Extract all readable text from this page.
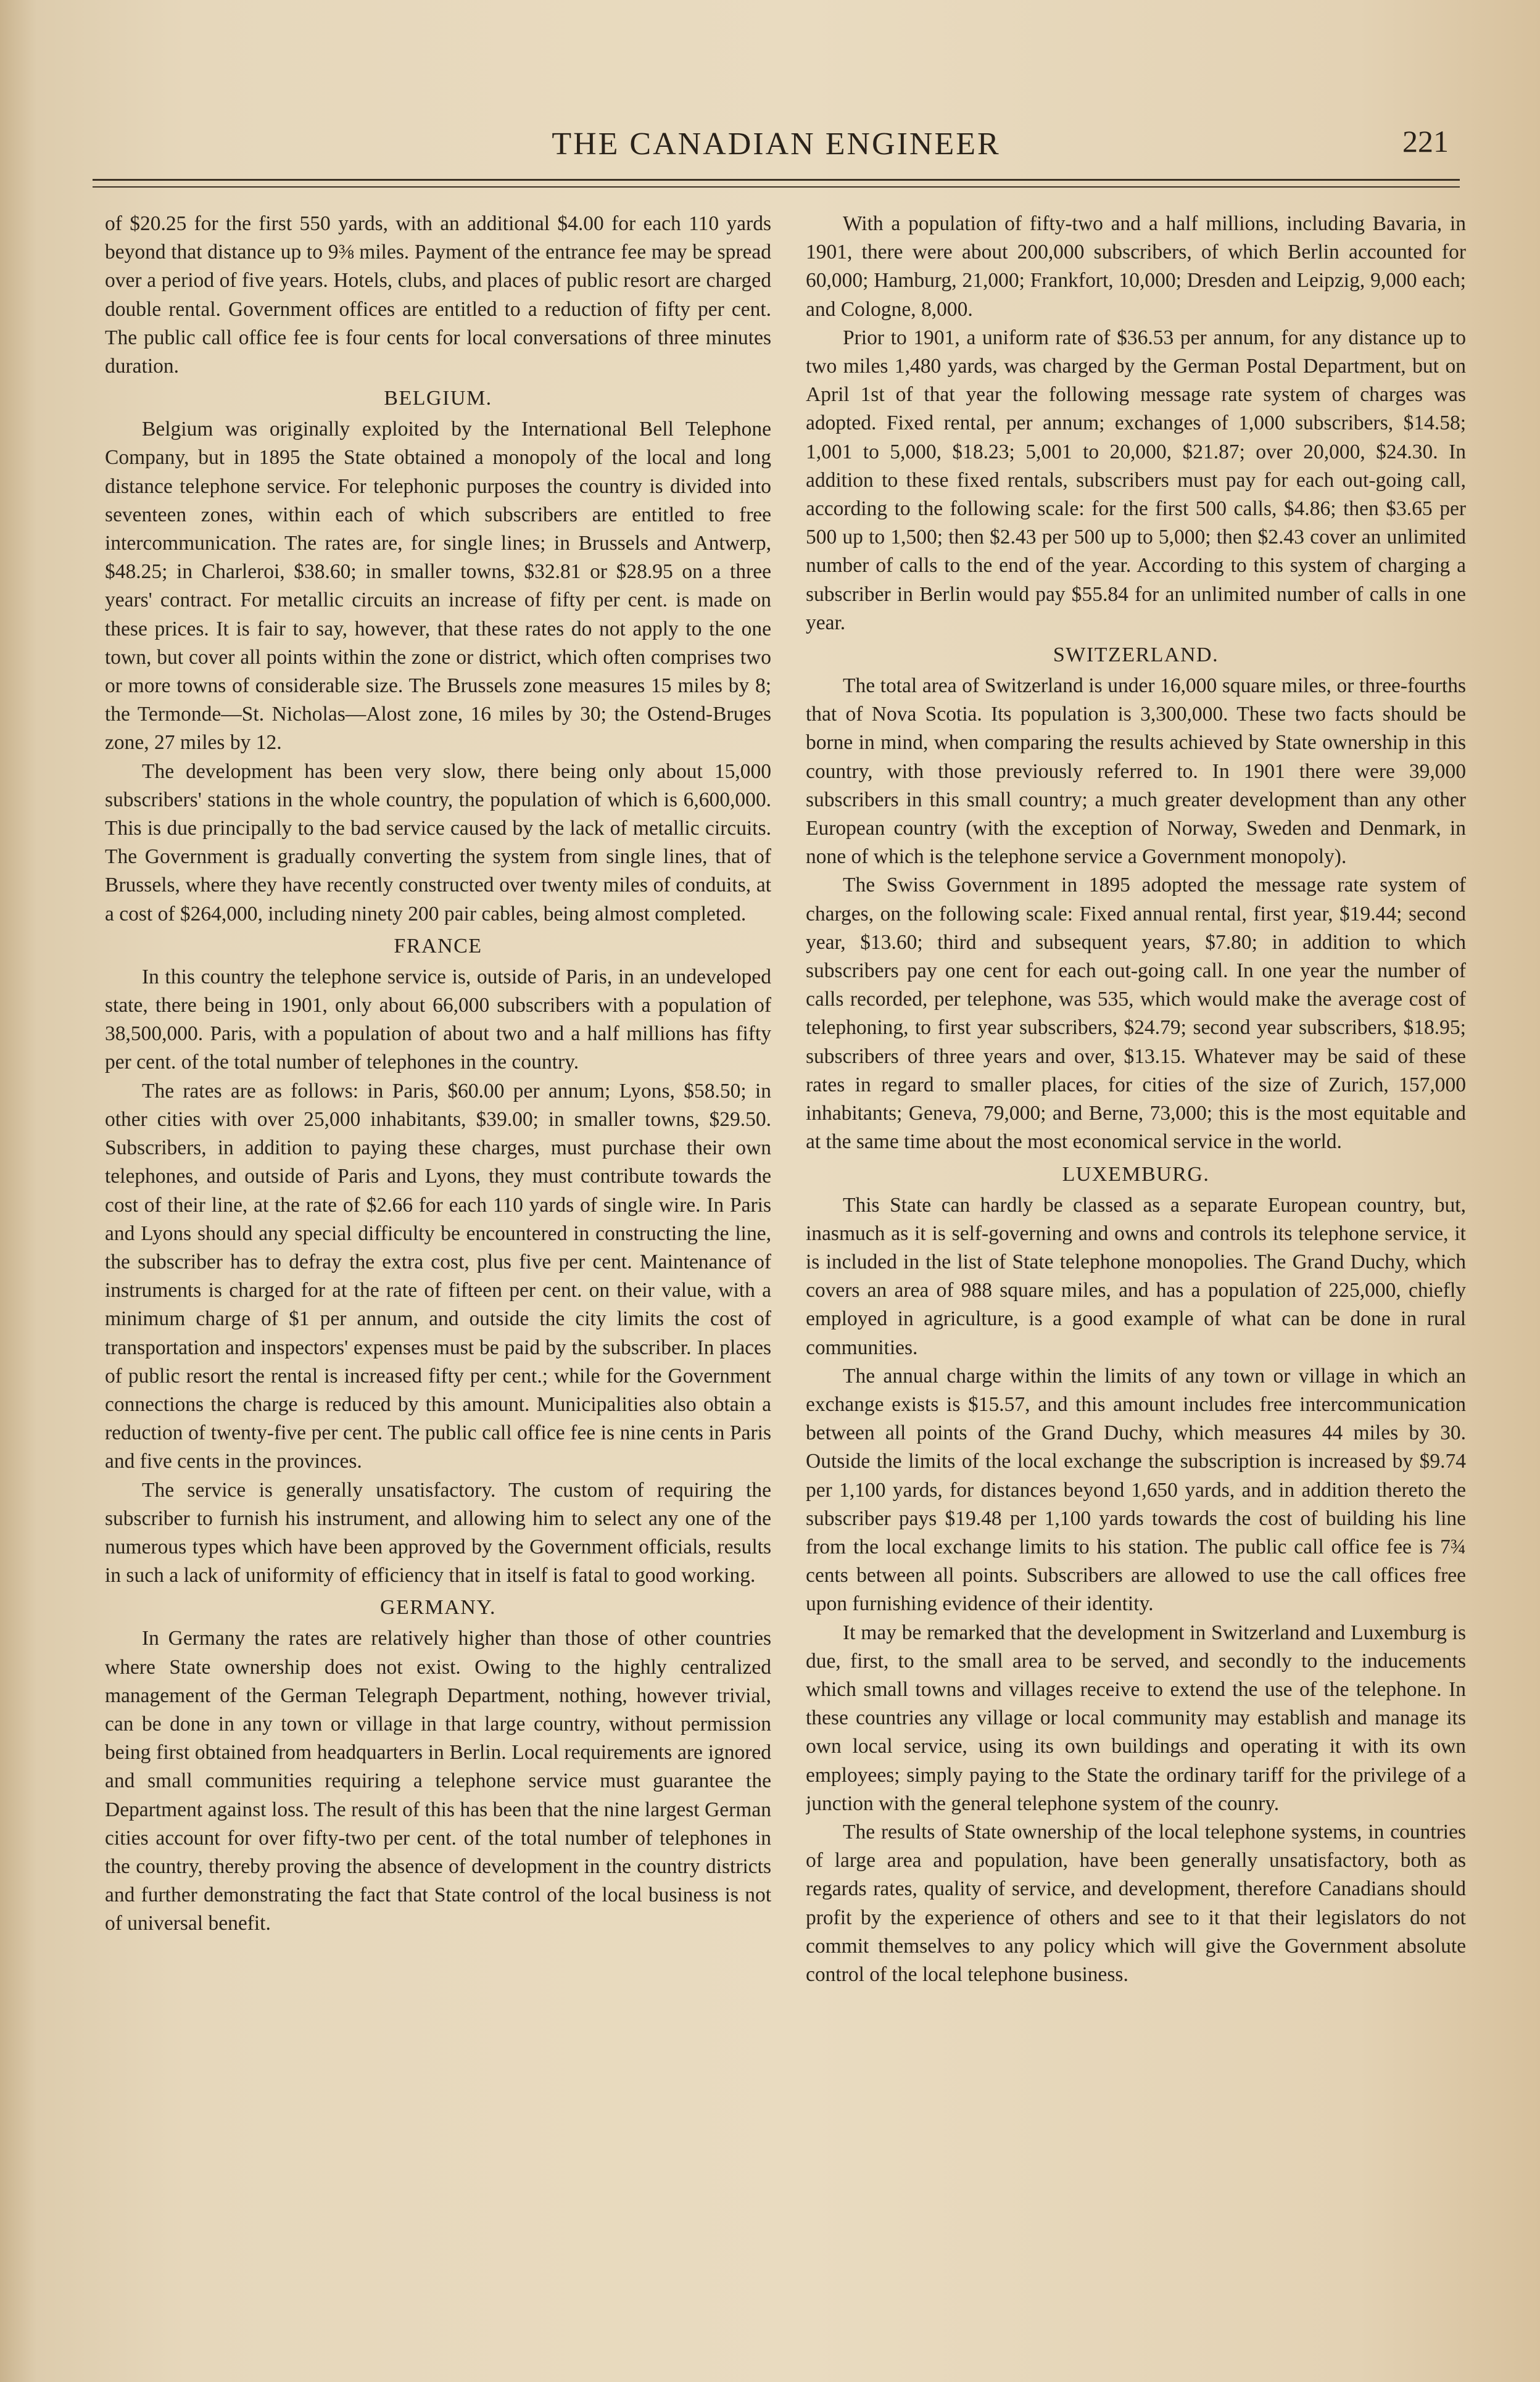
THE CANADIAN ENGINEER	221

of $20.25 for the first 550 yards, with an additional $4.00 for each 110 yards beyond that distance up to 9⅜ miles. Payment of the entrance fee may be spread over a period of five years. Hotels, clubs, and places of public resort are charged double rental. Government offices are entitled to a reduction of fifty per cent. The public call office fee is four cents for local conversations of three minutes duration.

BELGIUM.

Belgium was originally exploited by the International Bell Telephone Company, but in 1895 the State obtained a monopoly of the local and long distance telephone service. For telephonic purposes the country is divided into seventeen zones, within each of which subscribers are entitled to free intercommunication. The rates are, for single lines; in Brussels and Antwerp, $48.25; in Charleroi, $38.60; in smaller towns, $32.81 or $28.95 on a three years' contract. For metallic circuits an increase of fifty per cent. is made on these prices. It is fair to say, however, that these rates do not apply to the one town, but cover all points within the zone or district, which often comprises two or more towns of considerable size. The Brussels zone measures 15 miles by 8; the Termonde—St. Nicholas—Alost zone, 16 miles by 30; the Ostend-Bruges zone, 27 miles by 12.

The development has been very slow, there being only about 15,000 subscribers' stations in the whole country, the population of which is 6,600,000. This is due principally to the bad service caused by the lack of metallic circuits. The Government is gradually converting the system from single lines, that of Brussels, where they have recently constructed over twenty miles of conduits, at a cost of $264,000, including ninety 200 pair cables, being almost completed.

FRANCE

In this country the telephone service is, outside of Paris, in an undeveloped state, there being in 1901, only about 66,000 subscribers with a population of 38,500,000. Paris, with a population of about two and a half millions has fifty per cent. of the total number of telephones in the country.

The rates are as follows: in Paris, $60.00 per annum; Lyons, $58.50; in other cities with over 25,000 inhabitants, $39.00; in smaller towns, $29.50. Subscribers, in addition to paying these charges, must purchase their own telephones, and outside of Paris and Lyons, they must contribute towards the cost of their line, at the rate of $2.66 for each 110 yards of single wire. In Paris and Lyons should any special difficulty be encountered in constructing the line, the subscriber has to defray the extra cost, plus five per cent. Maintenance of instruments is charged for at the rate of fifteen per cent. on their value, with a minimum charge of $1 per annum, and outside the city limits the cost of transportation and inspectors' expenses must be paid by the subscriber. In places of public resort the rental is increased fifty per cent.; while for the Government connections the charge is reduced by this amount. Municipalities also obtain a reduction of twenty-five per cent. The public call office fee is nine cents in Paris and five cents in the provinces.

The service is generally unsatisfactory. The custom of requiring the subscriber to furnish his instrument, and allowing him to select any one of the numerous types which have been approved by the Government officials, results in such a lack of uniformity of efficiency that in itself is fatal to good working.

GERMANY.

In Germany the rates are relatively higher than those of other countries where State ownership does not exist. Owing to the highly centralized management of the German Telegraph Department, nothing, however trivial, can be done in any town or village in that large country, without permission being first obtained from headquarters in Berlin. Local requirements are ignored and small communities requiring a telephone service must guarantee the Department against loss. The result of this has been that the nine largest German cities account for over fifty-two per cent. of the total number of telephones in the country, thereby proving the absence of development in the country districts and further demonstrating the fact that State control of the local business is not of universal benefit.

With a population of fifty-two and a half millions, including Bavaria, in 1901, there were about 200,000 subscribers, of which Berlin accounted for 60,000; Hamburg, 21,000; Frankfort, 10,000; Dresden and Leipzig, 9,000 each; and Cologne, 8,000.

Prior to 1901, a uniform rate of $36.53 per annum, for any distance up to two miles 1,480 yards, was charged by the German Postal Department, but on April 1st of that year the following message rate system of charges was adopted. Fixed rental, per annum; exchanges of 1,000 subscribers, $14.58; 1,001 to 5,000, $18.23; 5,001 to 20,000, $21.87; over 20,000, $24.30. In addition to these fixed rentals, subscribers must pay for each out-going call, according to the following scale: for the first 500 calls, $4.86; then $3.65 per 500 up to 1,500; then $2.43 per 500 up to 5,000; then $2.43 cover an unlimited number of calls to the end of the year. According to this system of charging a subscriber in Berlin would pay $55.84 for an unlimited number of calls in one year.

SWITZERLAND.

The total area of Switzerland is under 16,000 square miles, or three-fourths that of Nova Scotia. Its population is 3,300,000. These two facts should be borne in mind, when comparing the results achieved by State ownership in this country, with those previously referred to. In 1901 there were 39,000 subscribers in this small country; a much greater development than any other European country (with the exception of Norway, Sweden and Denmark, in none of which is the telephone service a Government monopoly).

The Swiss Government in 1895 adopted the message rate system of charges, on the following scale: Fixed annual rental, first year, $19.44; second year, $13.60; third and subsequent years, $7.80; in addition to which subscribers pay one cent for each out-going call. In one year the number of calls recorded, per telephone, was 535, which would make the average cost of telephoning, to first year subscribers, $24.79; second year subscribers, $18.95; subscribers of three years and over, $13.15. Whatever may be said of these rates in regard to smaller places, for cities of the size of Zurich, 157,000 inhabitants; Geneva, 79,000; and Berne, 73,000; this is the most equitable and at the same time about the most economical service in the world.

LUXEMBURG.

This State can hardly be classed as a separate European country, but, inasmuch as it is self-governing and owns and controls its telephone service, it is included in the list of State telephone monopolies. The Grand Duchy, which covers an area of 988 square miles, and has a population of 225,000, chiefly employed in agriculture, is a good example of what can be done in rural communities.

The annual charge within the limits of any town or village in which an exchange exists is $15.57, and this amount includes free intercommunication between all points of the Grand Duchy, which measures 44 miles by 30. Outside the limits of the local exchange the subscription is increased by $9.74 per 1,100 yards, for distances beyond 1,650 yards, and in addition thereto the subscriber pays $19.48 per 1,100 yards towards the cost of building his line from the local exchange limits to his station. The public call office fee is 7¾ cents between all points. Subscribers are allowed to use the call offices free upon furnishing evidence of their identity.

It may be remarked that the development in Switzerland and Luxemburg is due, first, to the small area to be served, and secondly to the inducements which small towns and villages receive to extend the use of the telephone. In these countries any village or local community may establish and manage its own local service, using its own buildings and operating it with its own employees; simply paying to the State the ordinary tariff for the privilege of a junction with the general telephone system of the counry.

The results of State ownership of the local telephone systems, in countries of large area and population, have been generally unsatisfactory, both as regards rates, quality of service, and development, therefore Canadians should profit by the experience of others and see to it that their legislators do not commit themselves to any policy which will give the Government absolute control of the local telephone business.
